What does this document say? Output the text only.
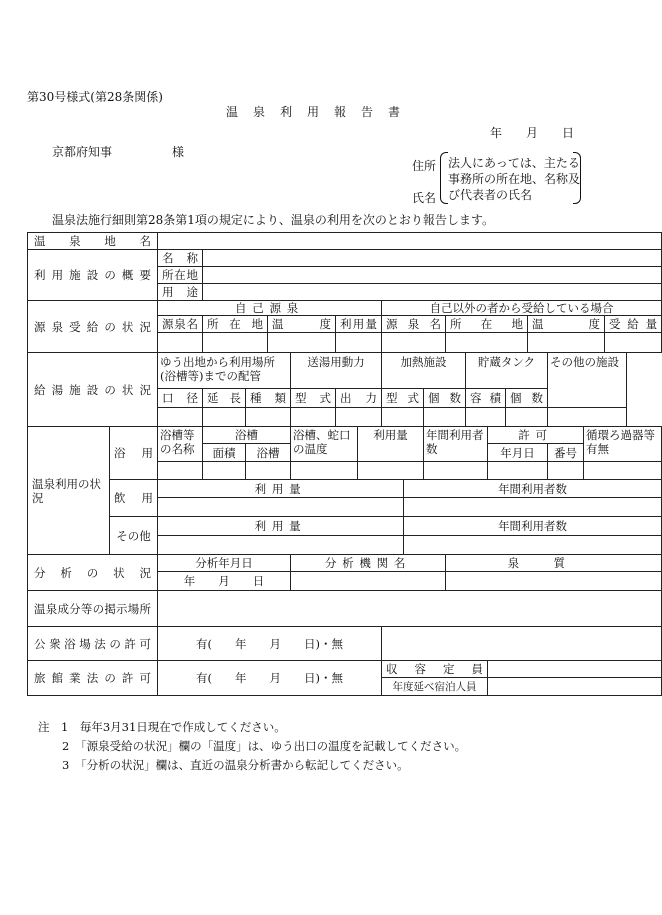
第30号様式(第28条関係)
温泉利用報告書
年　　月　　日
京都府知事　　　　　様
住所
氏名
法人にあっては、主たる
事務所の所在地、名称及
び代表者の氏名
温泉法施行細則第28条第1項の規定により、温泉の利用を次のとおり報告します。
温泉地名																			
利用施設の概要		名称																	
		所在地																	
		用途																	
源泉受給の状況		自己源泉							自己以外の者から受給している場合										
		源泉名	所在地		温度		利用量		源泉名			所在地				温度			受給量

給湯施設の状況		ゆう出地から利用場所(浴槽等)までの配管				送湯用動力			加熱施設				貯蔵タンク				その他の施設		
		口径	延長	種類		型式	出力		型式		個数		容積		個数				

温泉利用の状況	浴用	浴槽等の名称	浴槽			浴槽、蛇口の温度		利用量			年間利用者数			許可				循環ろ過器等有無	
			面積	浴槽										年月日			番号		

	飲用	利用量								年間利用者数									

	その他	利用量								年間利用者数									

分析の状況		分析年月日				分析機関名						泉質							
		年　　月　　日																	
温泉成分等の掲示場所																			
公衆浴場法の許可		有(　　年　　月　　日)・無																	
旅館業法の許可		有(　　年　　月　　日)・無							収容定員										
									年度延べ宿泊人員										
注　1　毎年3月31日現在で作成してください。
2　「源泉受給の状況」欄の「温度」は、ゆう出口の温度を記載してください。
3　「分析の状況」欄は、直近の温泉分析書から転記してください。
